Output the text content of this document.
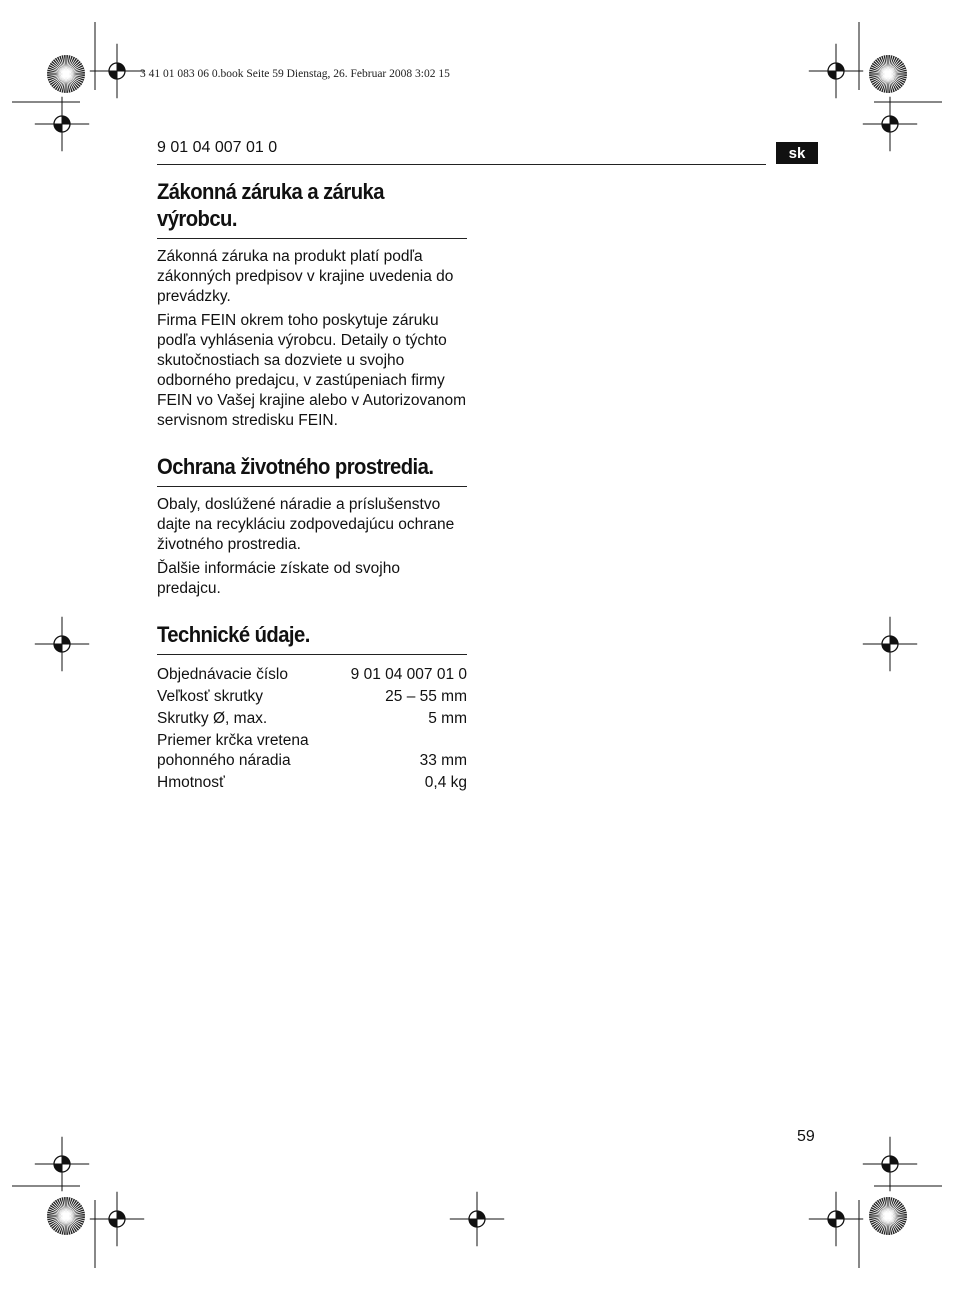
3 41 01 083 06 0.book Seite 59 Dienstag, 26. Februar 2008 3:02 15
9 01 04 007 01 0	sk
Zákonná záruka a záruka
výrobcu.

Zákonná záruka na produkt platí podľa zákonných predpisov v krajine uvedenia do prevádzky.

Firma FEIN okrem toho poskytuje záruku podľa vyhlásenia výrobcu. Detaily o týchto skutočnostiach sa dozviete u svojho odborného predajcu, v zastúpeniach firmy FEIN vo Vašej krajine alebo v Autorizovanom servisnom stredisku FEIN.

Ochrana životného prostredia.

Obaly, doslúžené náradie a príslušenstvo dajte na recykláciu zodpovedajúcu ochrane životného prostredia.

Ďalšie informácie získate od svojho predajcu.

Technické údaje.
Objednávacie číslo	9 01 04 007 01 0
Veľkosť skrutky	25 – 55 mm
Skrutky Ø, max.	5 mm
Priemer krčka vretena pohonného náradia	33 mm
Hmotnosť	0,4 kg
59
